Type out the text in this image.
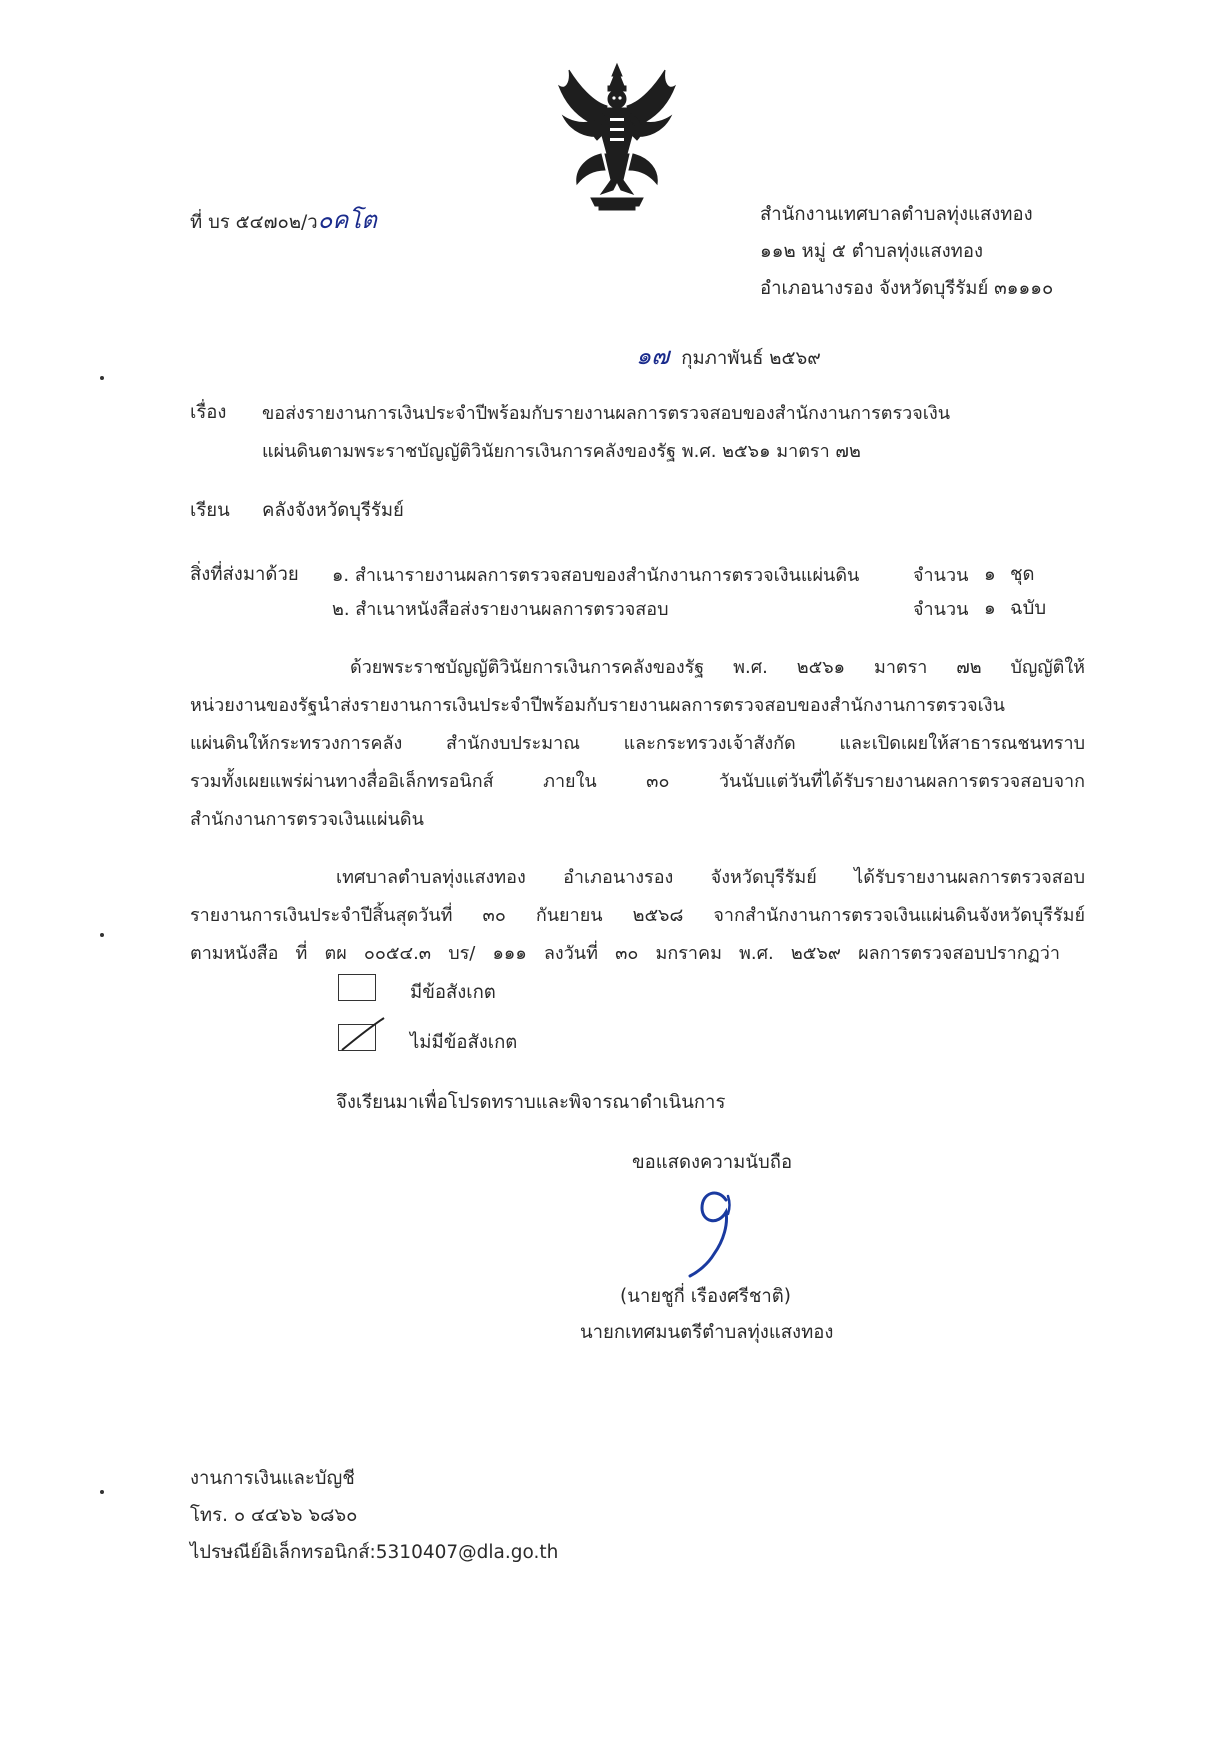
ที่ บร ๕๔๗๐๒/ว๐คโต	สำนักงานเทศบาลตำบลทุ่งแสงทอง
๑๑๒ หมู่ ๕ ตำบลทุ่งแสงทอง
อำเภอนางรอง จังหวัดบุรีรัมย์ ๓๑๑๑๐
๑๗ กุมภาพันธ์ ๒๕๖๙
เรื่อง ขอส่งรายงานการเงินประจำปีพร้อมกับรายงานผลการตรวจสอบของสำนักงานการตรวจเงิน
แผ่นดินตามพระราชบัญญัติวินัยการเงินการคลังของรัฐ พ.ศ. ๒๕๖๑ มาตรา ๗๒
เรียน คลังจังหวัดบุรีรัมย์
สิ่งที่ส่งมาด้วย ๑. สำเนารายงานผลการตรวจสอบของสำนักงานการตรวจเงินแผ่นดิน	จำนวน ๑ ชุด
๒. สำเนาหนังสือส่งรายงานผลการตรวจสอบ	จำนวน ๑ ฉบับ
ด้วยพระราชบัญญัติวินัยการเงินการคลังของรัฐ พ.ศ. ๒๕๖๑ มาตรา ๗๒ บัญญัติให้
หน่วยงานของรัฐนำส่งรายงานการเงินประจำปีพร้อมกับรายงานผลการตรวจสอบของสำนักงานการตรวจเงิน
แผ่นดินให้กระทรวงการคลัง สำนักงบประมาณ และกระทรวงเจ้าสังกัด และเปิดเผยให้สาธารณชนทราบ
รวมทั้งเผยแพร่ผ่านทางสื่ออิเล็กทรอนิกส์ ภายใน ๓๐ วันนับแต่วันที่ได้รับรายงานผลการตรวจสอบจาก
สำนักงานการตรวจเงินแผ่นดิน
เทศบาลตำบลทุ่งแสงทอง อำเภอนางรอง จังหวัดบุรีรัมย์ ได้รับรายงานผลการตรวจสอบ
รายงานการเงินประจำปีสิ้นสุดวันที่ ๓๐ กันยายน ๒๕๖๘ จากสำนักงานการตรวจเงินแผ่นดินจังหวัดบุรีรัมย์
ตามหนังสือ ที่ ตผ ๐๐๕๔.๓ บร/ ๑๑๑ ลงวันที่ ๓๐ มกราคม พ.ศ. ๒๕๖๙ ผลการตรวจสอบปรากฏว่า
มีข้อสังเกต
ไม่มีข้อสังเกต
จึงเรียนมาเพื่อโปรดทราบและพิจารณาดำเนินการ
ขอแสดงความนับถือ
(นายชูกี่ เรืองศรีชาติ)
นายกเทศมนตรีตำบลทุ่งแสงทอง
งานการเงินและบัญชี
โทร. ๐ ๔๔๖๖ ๖๘๖๐
ไปรษณีย์อิเล็กทรอนิกส์:5310407@dla.go.th
